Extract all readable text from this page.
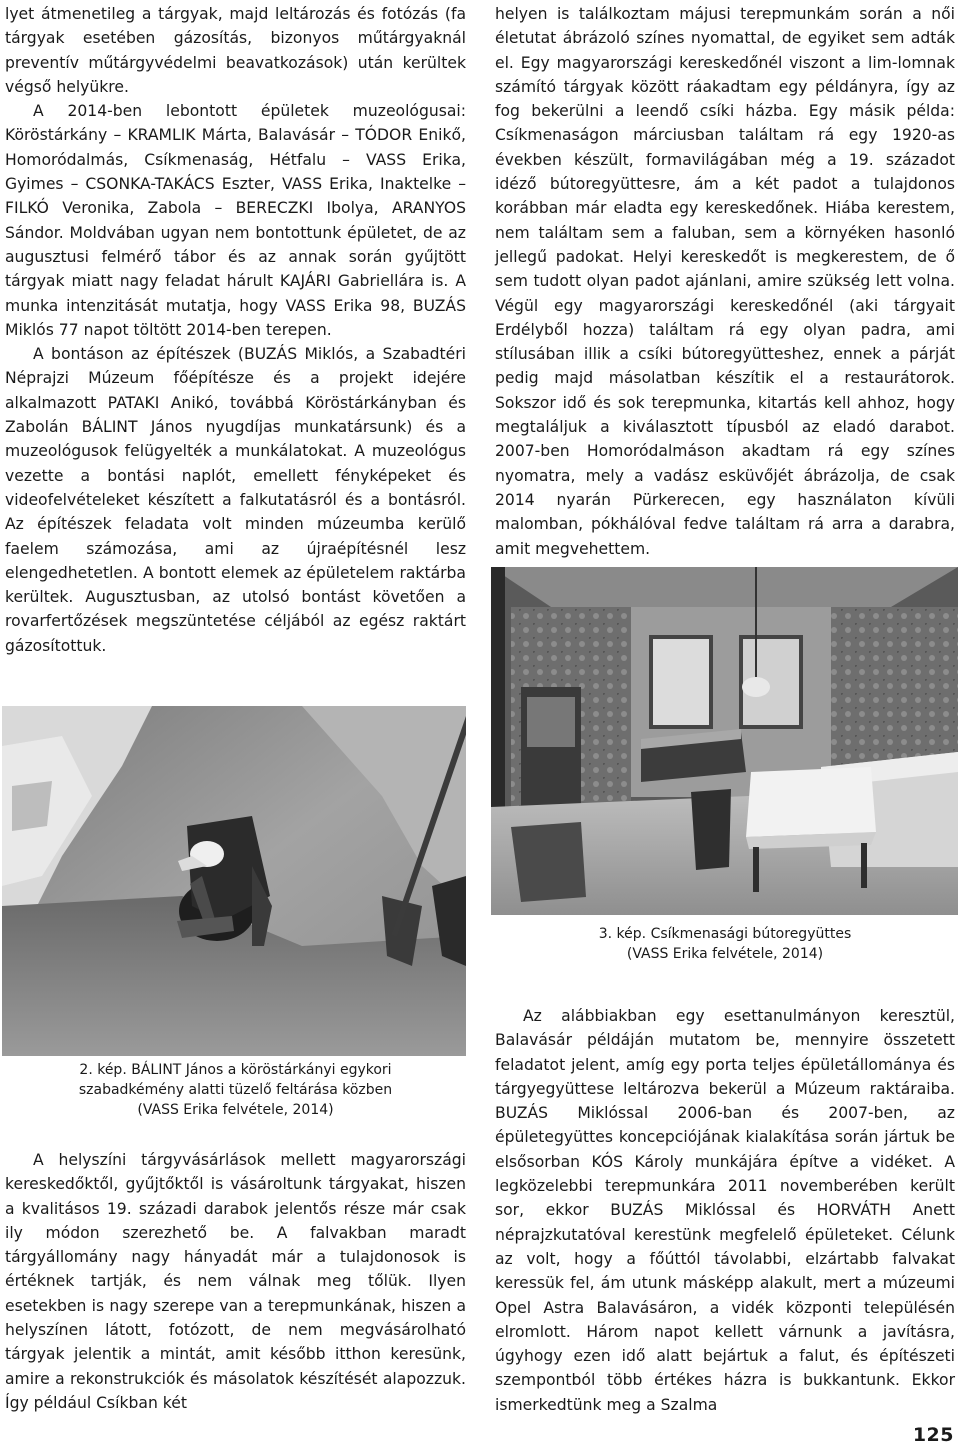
lyet átmenetileg a tárgyak, majd leltározás és fotózás (fa tárgyak esetében gázosítás, bizonyos műtárgyaknál preventív műtárgyvédelmi beavatkozások) után kerültek végső helyükre.

A 2014-ben lebontott épületek muzeológusai: Köröstárkány – KRAMLIK Márta, Balavásár – TÓDOR Enikő, Homoródalmás, Csíkmenaság, Hétfalu – VASS Erika, Gyimes – CSONKA-TAKÁCS Eszter, VASS Erika, Inaktelke – FILKÓ Veronika, Zabola – BERECZKI Ibolya, ARANYOS Sándor. Moldvában ugyan nem bontottunk épületet, de az augusztusi felmérő tábor és az annak során gyűjtött tárgyak miatt nagy feladat hárult KAJÁRI Gabriellára is. A munka intenzitását mutatja, hogy VASS Erika 98, BUZÁS Miklós 77 napot töltött 2014-ben terepen.

A bontáson az építészek (BUZÁS Miklós, a Szabadtéri Néprajzi Múzeum főépítésze és a projekt idejére alkalmazott PATAKI Anikó, továbbá Köröstárkányban és Zabolán BÁLINT János nyugdíjas munkatársunk) és a muzeológusok felügyelték a munkálatokat. A muzeológus vezette a bontási naplót, emellett fényképeket és videofelvételeket készített a falkutatásról és a bontásról. Az építészek feladata volt minden múzeumba kerülő faelem számozása, ami az újraépítésnél lesz elengedhetetlen. A bontott elemek az épületelem raktárba kerültek. Augusztusban, az utolsó bontást követően a rovarfertőzések megszüntetése céljából az egész raktárt gázosítottuk.

2. kép. BÁLINT János a köröstárkányi egykori
szabadkémény alatti tüzelő feltárása közben
(VASS Erika felvétele, 2014)

A helyszíni tárgyvásárlások mellett magyarországi kereskedőktől, gyűjtőktől is vásároltunk tárgyakat, hiszen a kvalitásos 19. századi darabok jelentős része már csak ily módon szerezhető be. A falvakban maradt tárgyállomány nagy hányadát már a tulajdonosok is értéknek tartják, és nem válnak meg tőlük. Ilyen esetekben is nagy szerepe van a terepmunkának, hiszen a helyszínen látott, fotózott, de nem megvásárolható tárgyak jelentik a mintát, amit később itthon keresünk, amire a rekonstrukciók és másolatok készítését alapozzuk. Így például Csíkban két

helyen is találkoztam májusi terepmunkám során a női életutat ábrázoló színes nyomattal, de egyiket sem adták el. Egy magyarországi kereskedőnél viszont a lim-lomnak számító tárgyak között ráakadtam egy példányra, így az fog bekerülni a leendő csíki házba. Egy másik példa: Csíkmenaságon márciusban találtam rá egy 1920-as években készült, formavilágában még a 19. századot idéző bútoregyüttesre, ám a két padot a tulajdonos korábban már eladta egy kereskedőnek. Hiába kerestem, nem találtam sem a faluban, sem a környéken hasonló jellegű padokat. Helyi kereskedőt is megkerestem, de ő sem tudott olyan padot ajánlani, amire szükség lett volna. Végül egy magyarországi kereskedőnél (aki tárgyait Erdélyből hozza) találtam rá egy olyan padra, ami stílusában illik a csíki bútoregyütteshez, ennek a párját pedig majd másolatban készítik el a restaurátorok. Sokszor idő és sok terepmunka, kitartás kell ahhoz, hogy megtaláljuk a kiválasztott típusból az eladó darabot. 2007-ben Homoródalmáson akadtam rá egy színes nyomatra, mely a vadász esküvőjét ábrázolja, de csak 2014 nyarán Pürkerecen, egy használaton kívüli malomban, pókhálóval fedve találtam rá arra a darabra, amit megvehettem.

3. kép. Csíkmenasági bútoregyüttes
(VASS Erika felvétele, 2014)

Az alábbiakban egy esettanulmányon keresztül, Balavásár példáján mutatom be, mennyire összetett feladatot jelent, amíg egy porta teljes épületállománya és tárgyegyüttese leltározva bekerül a Múzeum raktáraiba. BUZÁS Miklóssal 2006-ban és 2007-ben, az épületegyüttes koncepciójának kialakítása során jártuk be elsősorban KÓS Károly munkájára építve a vidéket. A legközelebbi terepmunkára 2011 novemberében került sor, ekkor BUZÁS Miklóssal és HORVÁTH Anett néprajzkutatóval kerestünk megfelelő épületeket. Célunk az volt, hogy a főúttól távolabbi, elzártabb falvakat keressük fel, ám utunk másképp alakult, mert a múzeumi Opel Astra Balavásáron, a vidék központi településén elromlott. Három napot kellett várnunk a javításra, úgyhogy ezen idő alatt bejártuk a falut, és építészeti szempontból több értékes házra is bukkantunk. Ekkor ismerkedtünk meg a Szalma

125
